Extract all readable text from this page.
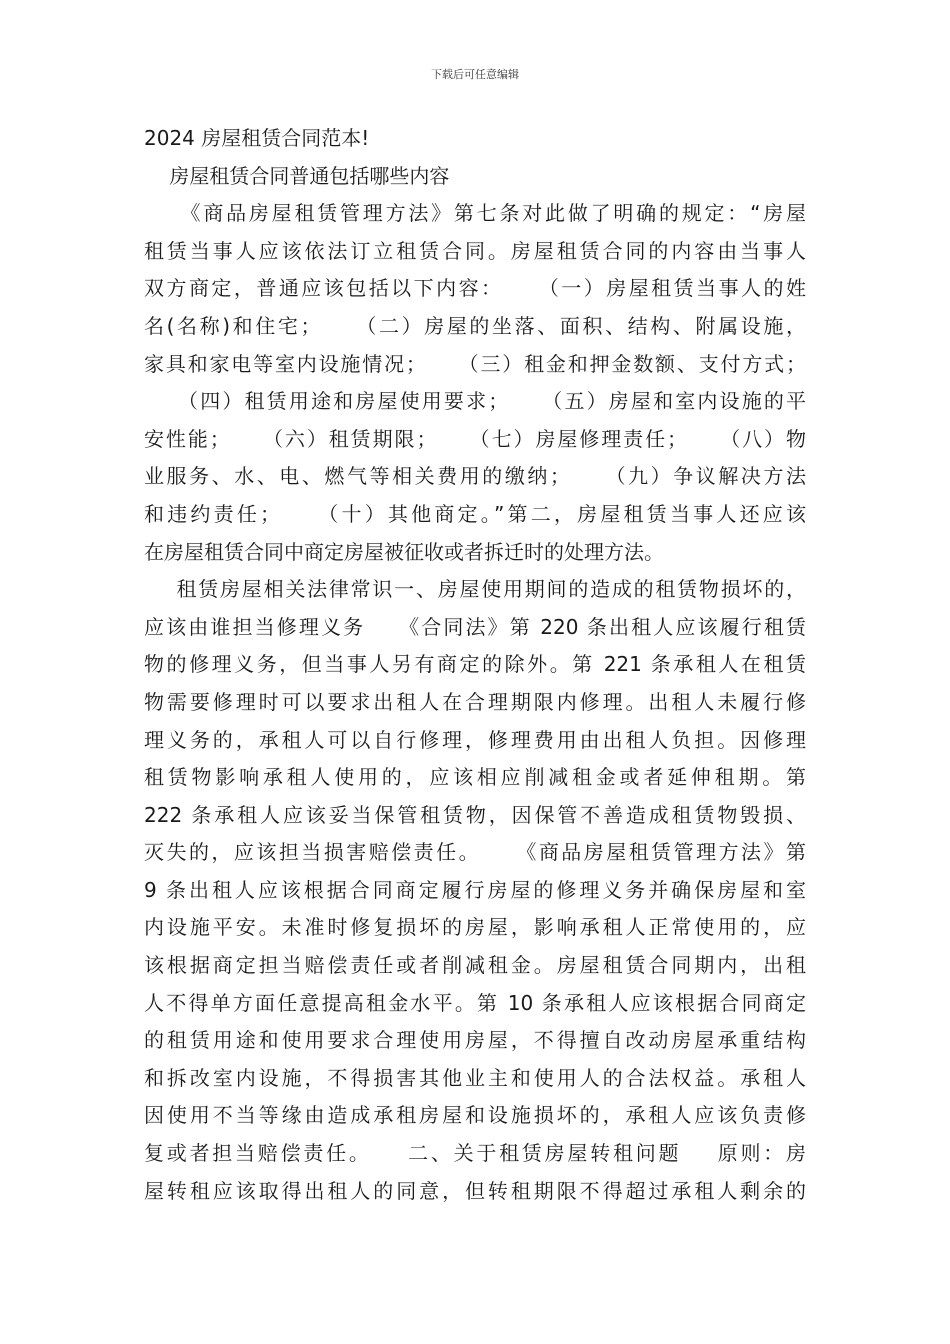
下载后可任意编辑
2024 房屋租赁合同范本!
房屋租赁合同普通包括哪些内容
《商品房屋租赁管理方法》第七条对此做了明确的规定：“房屋
租赁当事人应该依法订立租赁合同。房屋租赁合同的内容由当事人
双方商定，普通应该包括以下内容：    （一）房屋租赁当事人的姓
名(名称)和住宅；    （二）房屋的坐落、面积、结构、附属设施，
家具和家电等室内设施情况；    （三）租金和押金数额、支付方式；
（四）租赁用途和房屋使用要求；    （五）房屋和室内设施的平
安性能；    （六）租赁期限；    （七）房屋修理责任；    （八）物
业服务、水、电、燃气等相关费用的缴纳；    （九）争议解决方法
和违约责任；    （十）其他商定。”第二，房屋租赁当事人还应该
在房屋租赁合同中商定房屋被征收或者拆迁时的处理方法。
租赁房屋相关法律常识一、房屋使用期间的造成的租赁物损坏的，
应该由谁担当修理义务    《合同法》第 220 条出租人应该履行租赁
物的修理义务，但当事人另有商定的除外。第 221 条承租人在租赁
物需要修理时可以要求出租人在合理期限内修理。出租人未履行修
理义务的，承租人可以自行修理，修理费用由出租人负担。因修理
租赁物影响承租人使用的，应该相应削减租金或者延伸租期。第
222 条承租人应该妥当保管租赁物，因保管不善造成租赁物毁损、
灭失的，应该担当损害赔偿责任。    《商品房屋租赁管理方法》第
9 条出租人应该根据合同商定履行房屋的修理义务并确保房屋和室
内设施平安。未准时修复损坏的房屋，影响承租人正常使用的，应
该根据商定担当赔偿责任或者削减租金。房屋租赁合同期内，出租
人不得单方面任意提高租金水平。第 10 条承租人应该根据合同商定
的租赁用途和使用要求合理使用房屋，不得擅自改动房屋承重结构
和拆改室内设施，不得损害其他业主和使用人的合法权益。承租人
因使用不当等缘由造成承租房屋和设施损坏的，承租人应该负责修
复或者担当赔偿责任。    二、关于租赁房屋转租问题    原则：房
屋转租应该取得出租人的同意，但转租期限不得超过承租人剩余的
